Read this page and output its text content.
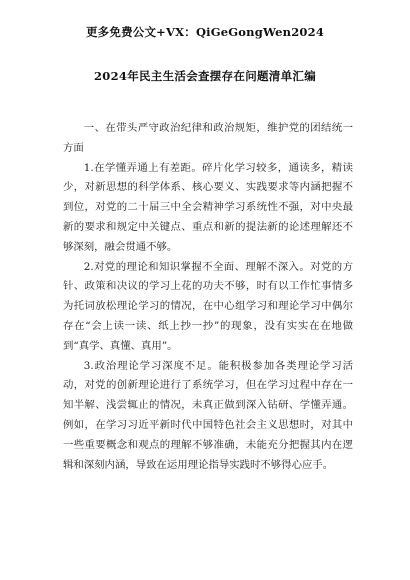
更多免费公文+VX：QiGeGongWen2024
2024年民主生活会查摆存在问题清单汇编

一、在带头严守政治纪律和政治规矩，维护党的团结统一方面

1.在学懂弄通上有差距。碎片化学习较多，通读多，精读少，对新思想的科学体系、核心要义、实践要求等内涵把握不到位，对党的二十届三中全会精神学习系统性不强，对中央最新的要求和规定中关键点、重点和新的提法新的论述理解还不够深刻，融会贯通不够。

2.对党的理论和知识掌握不全面、理解不深入。对党的方针、政策和决议的学习上花的功夫不够，时有以工作忙事情多为托词放松理论学习的情况，在中心组学习和理论学习中偶尔存在“会上读一读、纸上抄一抄”的现象，没有实实在在地做到“真学、真懂、真用”。

3.政治理论学习深度不足。能积极参加各类理论学习活动，对党的创新理论进行了系统学习，但在学习过程中存在一知半解、浅尝辄止的情况，未真正做到深入钻研、学懂弄通。例如，在学习习近平新时代中国特色社会主义思想时，对其中一些重要概念和观点的理解不够准确，未能充分把握其内在逻辑和深刻内涵，导致在运用理论指导实践时不够得心应手。
